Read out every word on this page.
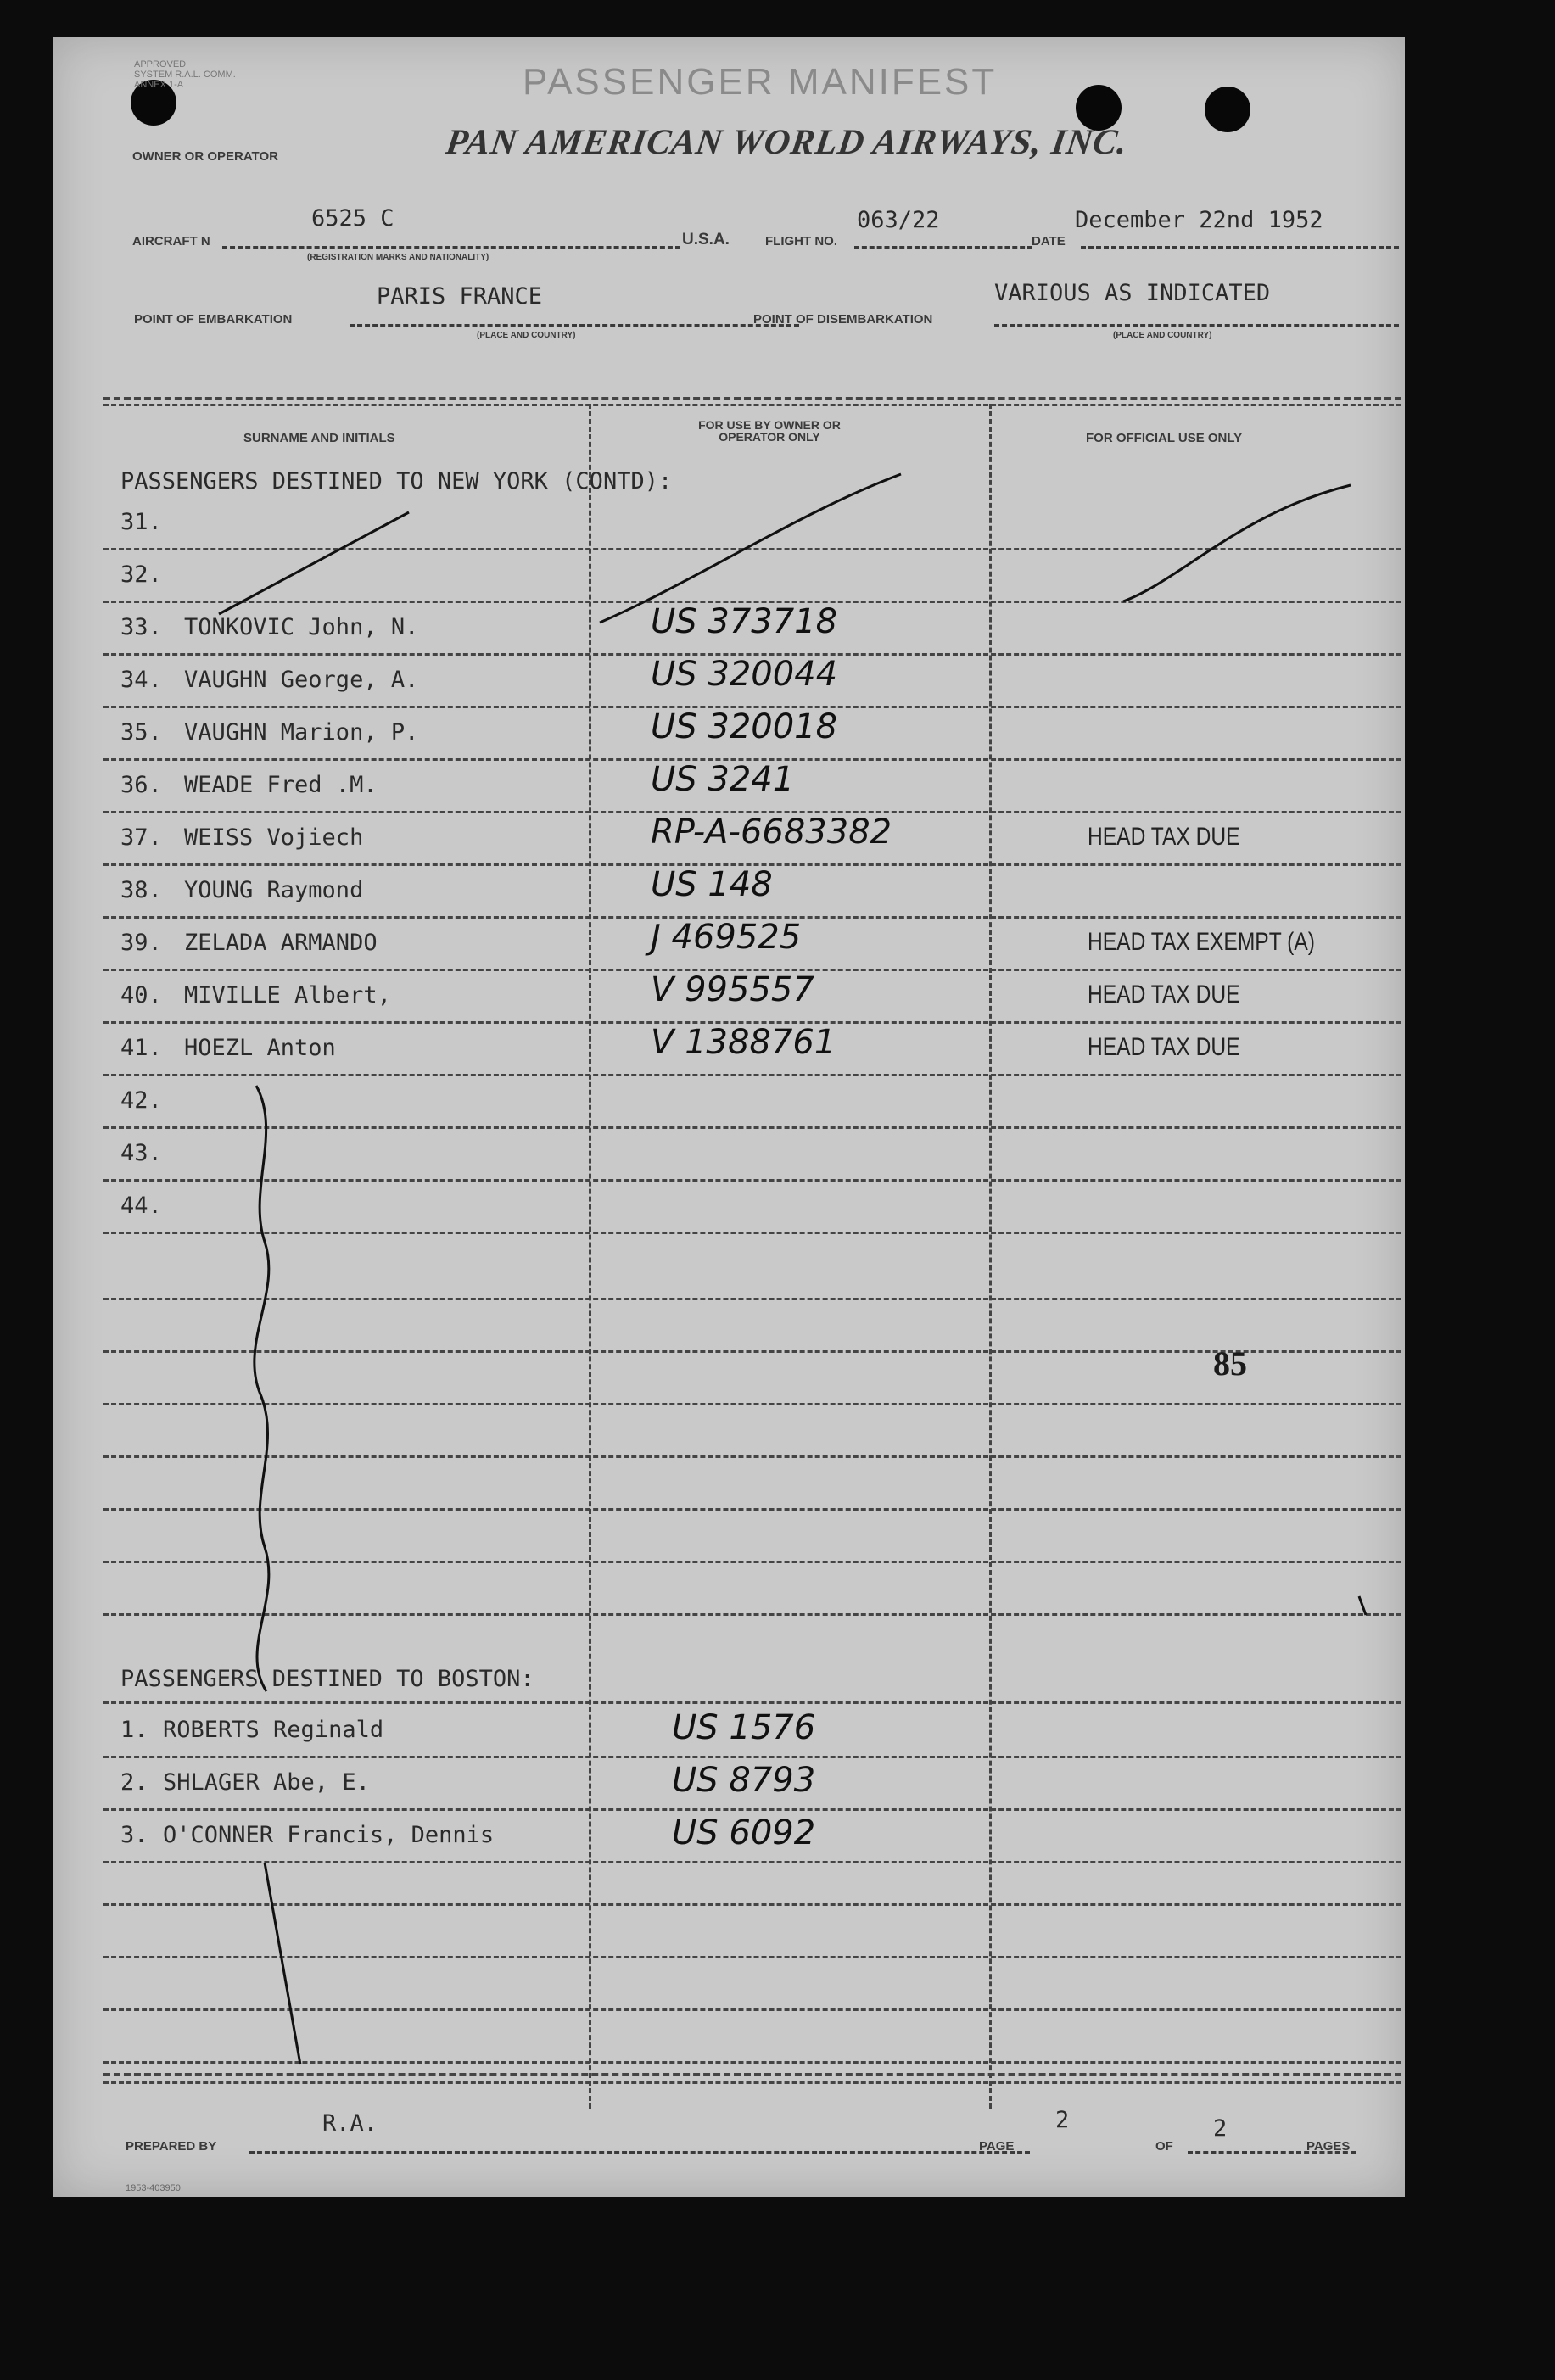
APPROVED
SYSTEM R.A.L. COMM.
ANNEX 1-A	PASSENGER MANIFEST
OWNER OR OPERATOR	PAN AMERICAN WORLD AIRWAYS, INC.
AIRCRAFT N
6525 C
(REGISTRATION MARKS AND NATIONALITY)
U.S.A.	FLIGHT NO.
063/22
DATE
December 22nd 1952
POINT OF EMBARKATION
PARIS FRANCE
(PLACE AND COUNTRY)
POINT OF DISEMBARKATION
VARIOUS AS INDICATED
(PLACE AND COUNTRY)
SURNAME AND INITIALS
FOR USE BY OWNER OR OPERATOR ONLY	FOR OFFICIAL USE ONLY
PASSENGERS DESTINED TO NEW YORK (CONTD):
31.
32.
33. TONKOVIC John, N.	US 373718
34. VAUGHN George, A.	US 320044
35. VAUGHN Marion, P.	US 320018
36. WEADE Fred .M.	US 3241
37. WEISS Vojiech	RP-A-6683382	HEAD TAX DUE
38. YOUNG Raymond	US 148
39. ZELADA ARMANDO	J 469525	HEAD TAX EXEMPT (A)
40. MIVILLE Albert,	V 995557	HEAD TAX DUE
41. HOEZL Anton	V 1388761	HEAD TAX DUE
42.
43.
44.
PASSENGERS DESTINED TO BOSTON:
1. ROBERTS Reginald	US 1576
2. SHLAGER Abe, E.	US 8793
3. O'CONNER Francis, Dennis	US 6092
85
PREPARED BY
R.A.
PAGE
2
OF
2
PAGES
1953-403950
